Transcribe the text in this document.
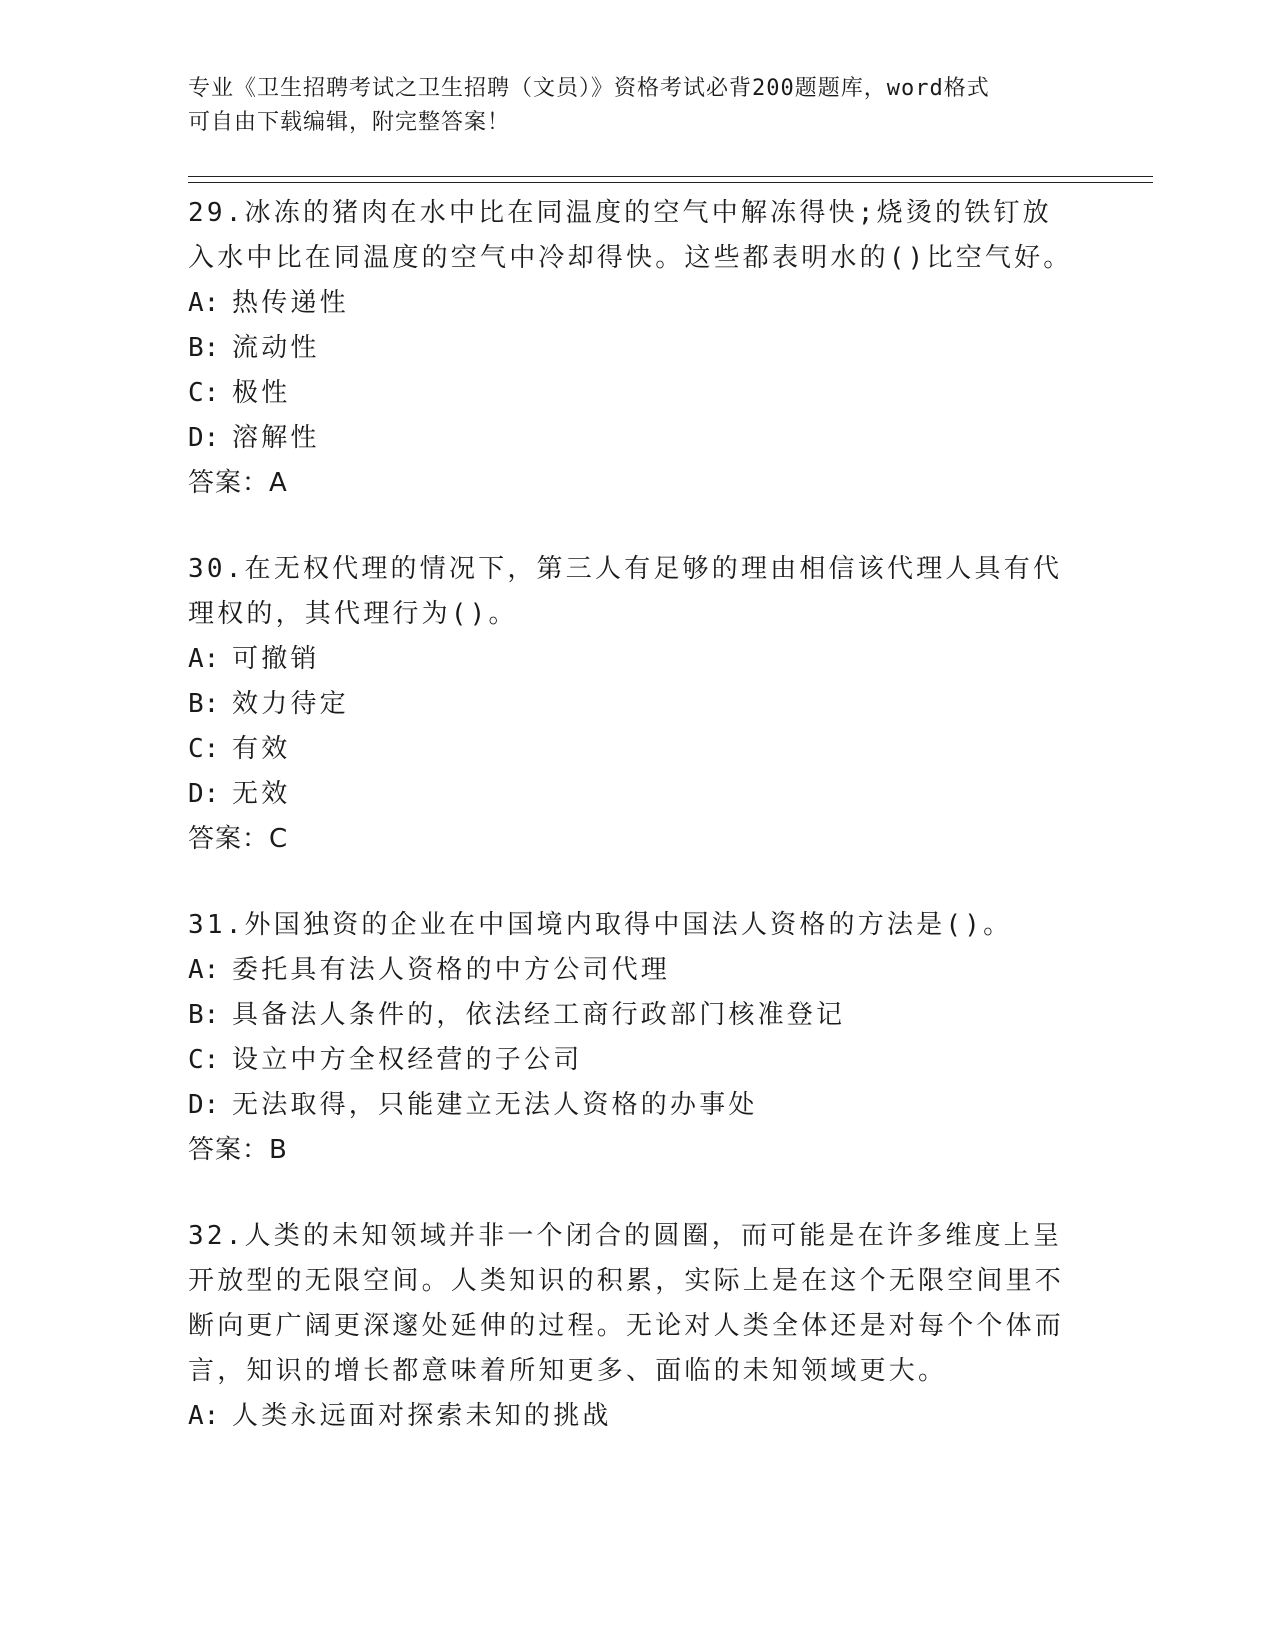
专业《卫生招聘考试之卫生招聘（文员）》资格考试必背200题题库，word格式
可自由下载编辑，附完整答案！
29.冰冻的猪肉在水中比在同温度的空气中解冻得快;烧烫的铁钉放入水中比在同温度的空气中冷却得快。这些都表明水的()比空气好。
A: 热传递性
B: 流动性
C: 极性
D: 溶解性
答案：A
30.在无权代理的情况下，第三人有足够的理由相信该代理人具有代理权的，其代理行为()。
A: 可撤销
B: 效力待定
C: 有效
D: 无效
答案：C
31.外国独资的企业在中国境内取得中国法人资格的方法是()。
A: 委托具有法人资格的中方公司代理
B: 具备法人条件的，依法经工商行政部门核准登记
C: 设立中方全权经营的子公司
D: 无法取得，只能建立无法人资格的办事处
答案：B
32.人类的未知领域并非一个闭合的圆圈，而可能是在许多维度上呈开放型的无限空间。人类知识的积累，实际上是在这个无限空间里不断向更广阔更深邃处延伸的过程。无论对人类全体还是对每个个体而言，知识的增长都意味着所知更多、面临的未知领域更大。
A: 人类永远面对探索未知的挑战
